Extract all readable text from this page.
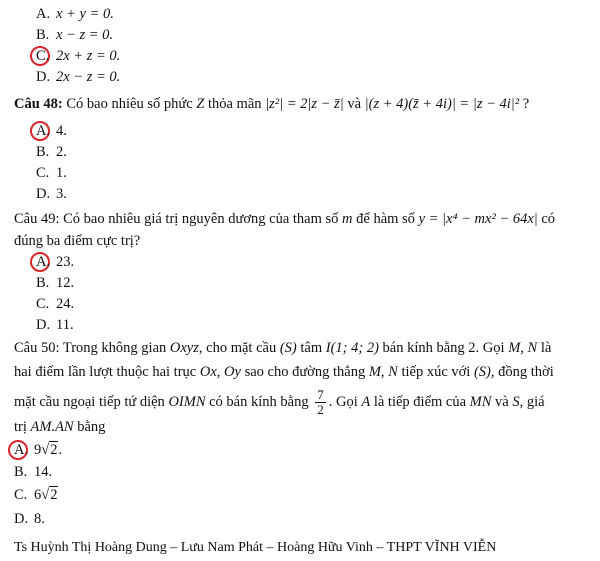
A. x + y = 0.
B. x − z = 0.
C. 2x + z = 0.
D. 2x − z = 0.
Câu 48: Có bao nhiêu số phức Z thỏa mãn |z²| = 2|z − z̄| và |(z + 4)(z̄ + 4i)| = |z − 4i|² ?
A. 4.
B. 2.
C. 1.
D. 3.
Câu 49: Có bao nhiêu giá trị nguyên dương của tham số m để hàm số y = |x⁴ − mx² − 64x| có
đúng ba điểm cực trị?
A. 23.
B. 12.
C. 24.
D. 11.
Câu 50: Trong không gian Oxyz, cho mặt cầu (S) tâm I(1; 4; 2) bán kính bằng 2. Gọi M, N là
hai điểm lần lượt thuộc hai trục Ox, Oy sao cho đường thẳng M, N tiếp xúc với (S), đồng thời
mặt cầu ngoại tiếp tứ diện OIMN có bán kính bằng $\frac{7}{2}$ . Gọi A là tiếp điểm của MN và S, giá
trị AM.AN bằng
A. 9√2.
B. 14.
C. 6√2
D. 8.
Ts Huỳnh Thị Hoàng Dung – Lưu Nam Phát – Hoàng Hữu Vinh – THPT VĨNH VIỄN
